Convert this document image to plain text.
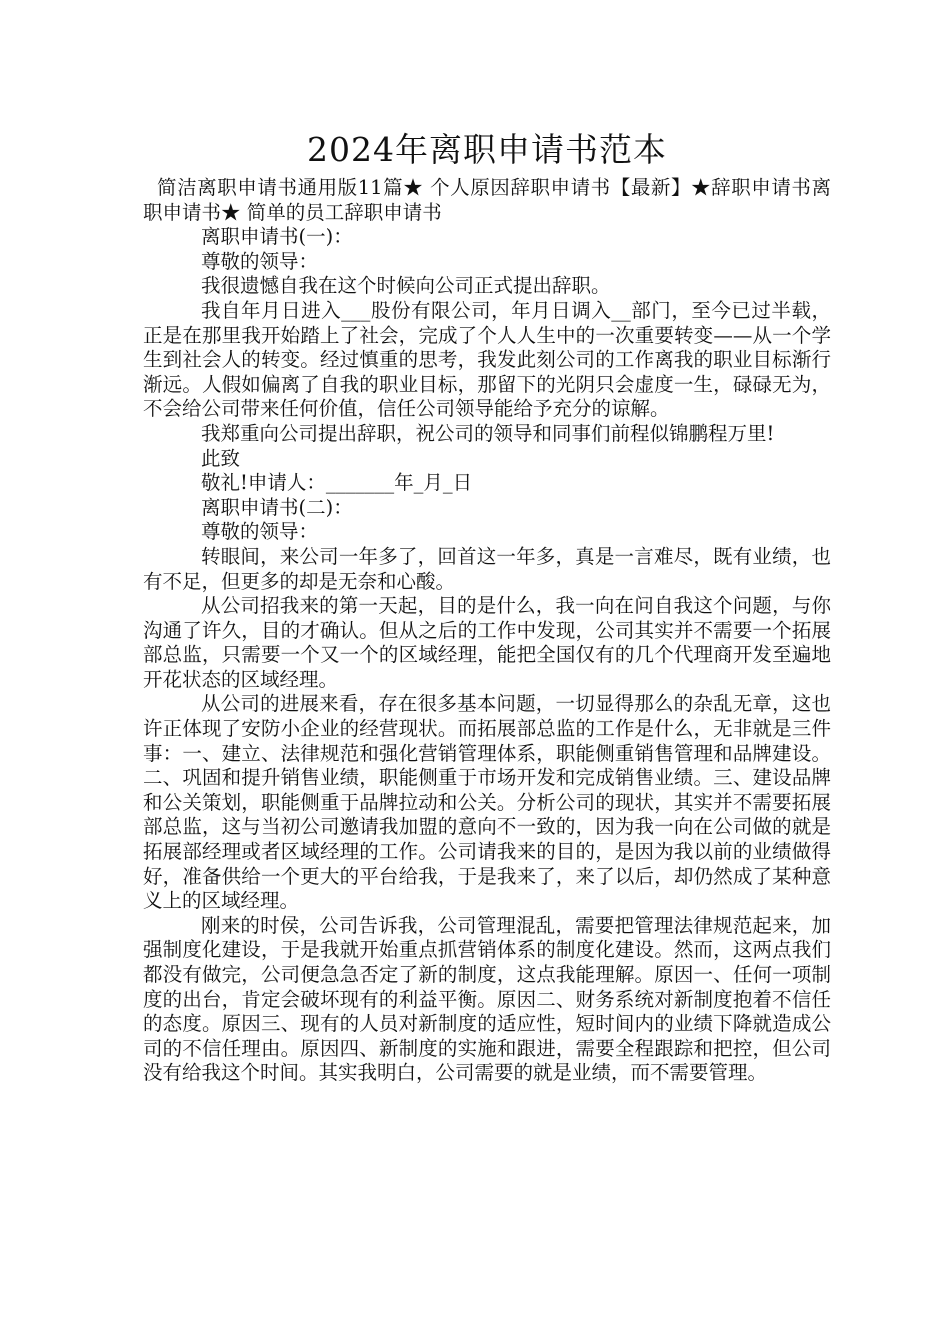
2024年离职申请书范本

简洁离职申请书通用版11篇★ 个人原因辞职申请书【最新】★辞职申请书离职申请书★ 简单的员工辞职申请书

离职申请书(一)：

尊敬的领导：

我很遗憾自我在这个时候向公司正式提出辞职。

我自年月日进入___股份有限公司，年月日调入__部门，至今已过半载，正是在那里我开始踏上了社会，完成了个人人生中的一次重要转变——从一个学生到社会人的转变。经过慎重的思考，我发此刻公司的工作离我的职业目标渐行渐远。人假如偏离了自我的职业目标，那留下的光阴只会虚度一生，碌碌无为，不会给公司带来任何价值，信任公司领导能给予充分的谅解。

我郑重向公司提出辞职，祝公司的领导和同事们前程似锦鹏程万里!

此致

敬礼!申请人：_______年_月_日

离职申请书(二)：

尊敬的领导：

转眼间，来公司一年多了，回首这一年多，真是一言难尽，既有业绩，也有不足，但更多的却是无奈和心酸。

从公司招我来的第一天起，目的是什么，我一向在问自我这个问题，与你沟通了许久，目的才确认。但从之后的工作中发现，公司其实并不需要一个拓展部总监，只需要一个又一个的区域经理，能把全国仅有的几个代理商开发至遍地开花状态的区域经理。

从公司的进展来看，存在很多基本问题，一切显得那么的杂乱无章，这也许正体现了安防小企业的经营现状。而拓展部总监的工作是什么，无非就是三件事：一、建立、法律规范和强化营销管理体系，职能侧重销售管理和品牌建设。二、巩固和提升销售业绩，职能侧重于市场开发和完成销售业绩。三、建设品牌和公关策划，职能侧重于品牌拉动和公关。分析公司的现状，其实并不需要拓展部总监，这与当初公司邀请我加盟的意向不一致的，因为我一向在公司做的就是拓展部经理或者区域经理的工作。公司请我来的目的，是因为我以前的业绩做得好，准备供给一个更大的平台给我，于是我来了，来了以后，却仍然成了某种意义上的区域经理。

刚来的时侯，公司告诉我，公司管理混乱，需要把管理法律规范起来，加强制度化建设，于是我就开始重点抓营销体系的制度化建设。然而，这两点我们都没有做完，公司便急急否定了新的制度，这点我能理解。原因一、任何一项制度的出台，肯定会破坏现有的利益平衡。原因二、财务系统对新制度抱着不信任的态度。原因三、现有的人员对新制度的适应性，短时间内的业绩下降就造成公司的不信任理由。原因四、新制度的实施和跟进，需要全程跟踪和把控，但公司没有给我这个时间。其实我明白，公司需要的就是业绩，而不需要管理。
